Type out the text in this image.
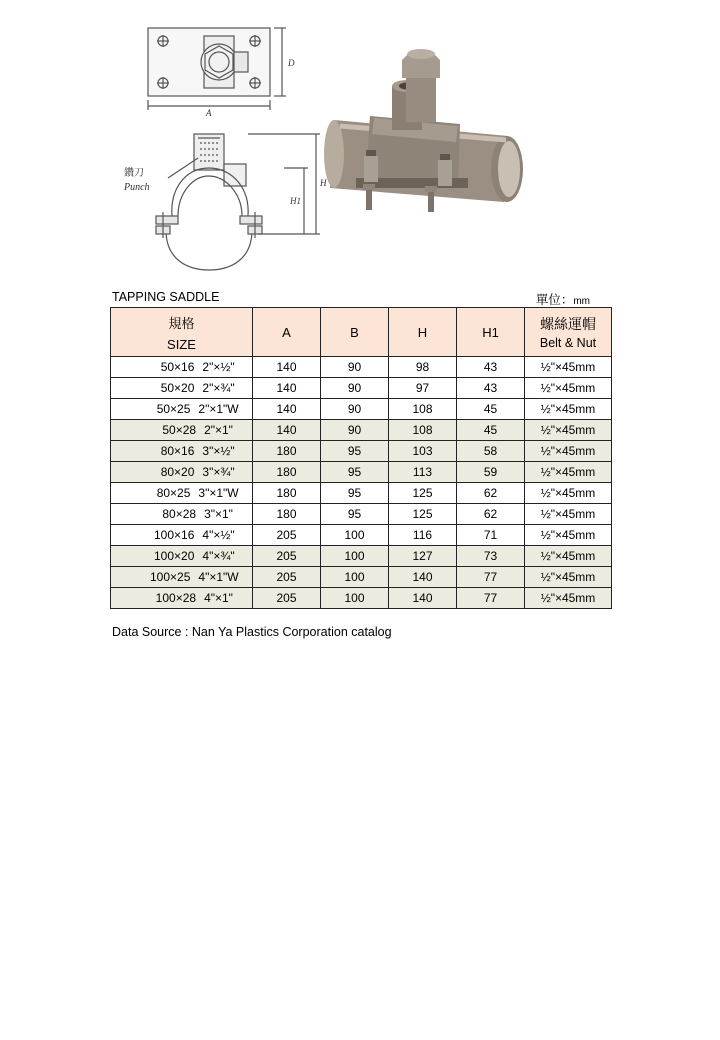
A
D
H
H1
鑽刀
Punch
TAPPING SADDLE	單位：mm
規格
SIZE	A	B	H	H1	螺絲運帽
Belt & Nut

50×16 2"×½"	140	90	98	43	½"×45mm
50×20 2"×¾"	140	90	97	43	½"×45mm
50×25 2"×1"W	140	90	108	45	½"×45mm
50×28 2"×1"	140	90	108	45	½"×45mm
80×16 3"×½"	180	95	103	58	½"×45mm
80×20 3"×¾"	180	95	113	59	½"×45mm
80×25 3"×1"W	180	95	125	62	½"×45mm
80×28 3"×1"	180	95	125	62	½"×45mm
100×16 4"×½"	205	100	116	71	½"×45mm
100×20 4"×¾"	205	100	127	73	½"×45mm
100×25 4"×1"W	205	100	140	77	½"×45mm
100×28 4"×1"	205	100	140	77	½"×45mm
Data Source : Nan Ya Plastics Corporation catalog
